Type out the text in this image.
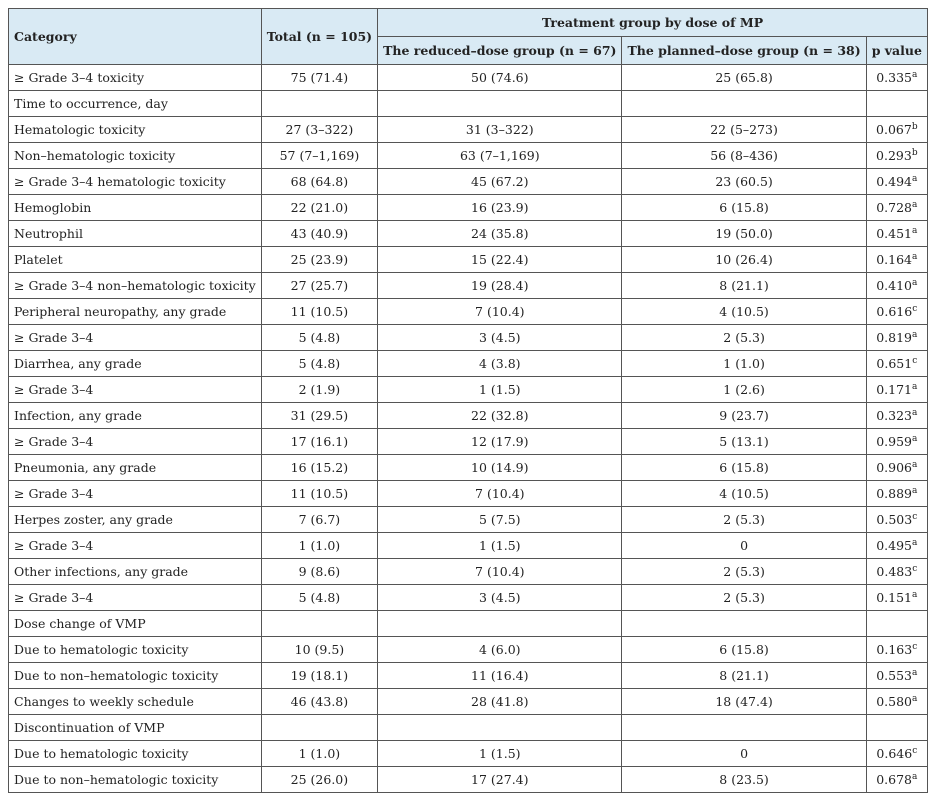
Category	Total (n = 105)	Treatment group by dose of MP		
		The reduced–dose group (n = 67)	The planned–dose group (n = 38)	p value
≥ Grade 3–4 toxicity	75 (71.4)	50 (74.6)	25 (65.8)	0.335$^a$
Time to occurrence, day				
Hematologic toxicity	27 (3–322)	31 (3–322)	22 (5–273)	0.067$^b$
Non–hematologic toxicity	57 (7–1,169)	63 (7–1,169)	56 (8–436)	0.293$^b$
≥ Grade 3–4 hematologic toxicity	68 (64.8)	45 (67.2)	23 (60.5)	0.494$^a$
Hemoglobin	22 (21.0)	16 (23.9)	6 (15.8)	0.728$^a$
Neutrophil	43 (40.9)	24 (35.8)	19 (50.0)	0.451$^a$
Platelet	25 (23.9)	15 (22.4)	10 (26.4)	0.164$^a$
≥ Grade 3–4 non–hematologic toxicity	27 (25.7)	19 (28.4)	8 (21.1)	0.410$^a$
Peripheral neuropathy, any grade	11 (10.5)	7 (10.4)	4 (10.5)	0.616$^c$
≥ Grade 3–4	5 (4.8)	3 (4.5)	2 (5.3)	0.819$^a$
Diarrhea, any grade	5 (4.8)	4 (3.8)	1 (1.0)	0.651$^c$
≥ Grade 3–4	2 (1.9)	1 (1.5)	1 (2.6)	0.171$^a$
Infection, any grade	31 (29.5)	22 (32.8)	9 (23.7)	0.323$^a$
≥ Grade 3–4	17 (16.1)	12 (17.9)	5 (13.1)	0.959$^a$
Pneumonia, any grade	16 (15.2)	10 (14.9)	6 (15.8)	0.906$^a$
≥ Grade 3–4	11 (10.5)	7 (10.4)	4 (10.5)	0.889$^a$
Herpes zoster, any grade	7 (6.7)	5 (7.5)	2 (5.3)	0.503$^c$
≥ Grade 3–4	1 (1.0)	1 (1.5)	0	0.495$^a$
Other infections, any grade	9 (8.6)	7 (10.4)	2 (5.3)	0.483$^c$
≥ Grade 3–4	5 (4.8)	3 (4.5)	2 (5.3)	0.151$^a$
Dose change of VMP				
Due to hematologic toxicity	10 (9.5)	4 (6.0)	6 (15.8)	0.163$^c$
Due to non–hematologic toxicity	19 (18.1)	11 (16.4)	8 (21.1)	0.553$^a$
Changes to weekly schedule	46 (43.8)	28 (41.8)	18 (47.4)	0.580$^a$
Discontinuation of VMP				
Due to hematologic toxicity	1 (1.0)	1 (1.5)	0	0.646$^c$
Due to non–hematologic toxicity	25 (26.0)	17 (27.4)	8 (23.5)	0.678$^a$
